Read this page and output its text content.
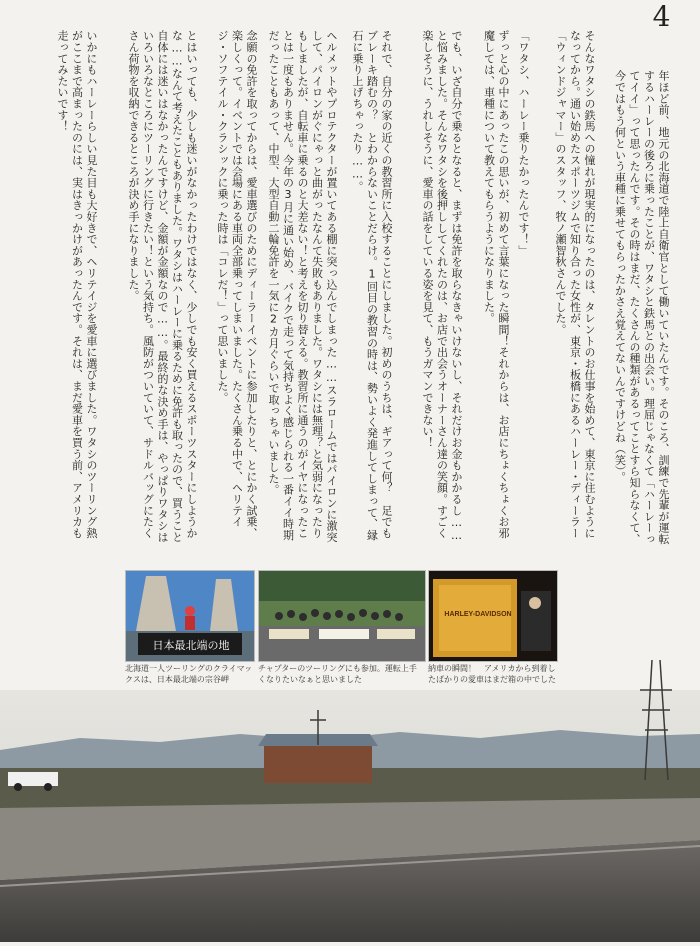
4
年ほど前、地元の北海道で陸上自衛官として働いていたんです。そのころ、訓練で先輩が運転するハーレーの後ろに乗ったことが、ワタシと鉄馬との出会い。理屈じゃなくて「ハーレーってイイ」って思ったんです。その時はまだ、たくさんの種類があるってことすら知らなくて、今ではもう何という車種に乗せてもらったかさえ覚えてないんですけどね（笑）。
そんなワタシの鉄馬への憧れが現実的になったのは、タレントのお仕事を始めて、東京に住むようになってから。通い始めたスポーツジムで知り合った女性が、東京・板橋にあるハーレー・ディーラー「ウィンドジャマー」のスタッフ、牧ノ瀬智秋さんでした。
「ワタシ、ハーレー乗りたかったんです！」
ずっと心の中にあったこの思いが、初めて言葉になった瞬間！それからは、お店にちょくちょくお邪魔しては、車種について教えてもらうようになりました。
でも、いざ自分で乗るとなると、まずは免許を取らなきゃいけないし、それだけお金もかかるし……と悩みました。そんなワタシを後押ししてくれたのは、お店で出会うオーナーさん達の笑顔。すごく楽しそうに、うれしそうに、愛車の話をしている姿を見て、もうガマンできない！
それで、自分の家の近くの教習所に入校することにしました。初めのうちは、ギアって何？　足でもブレーキ踏むの？　とわからないことだらけ。1回目の教習の時は、勢いよく発進してしまって、縁石に乗り上げちゃったり……。
ヘルメットやプロテクターが置いてある棚に突っ込んでしまった……スラロームではパイロンに激突して、パイロンがぐにゃっと曲がったなんて失敗もありました。ワタシには無理？と気弱になったりもしましたが、自転車に乗るのと大差ない！と考えを切り替える。教習所に通うのがイヤになったことは一度もありません。今年の3月に通い始め、バイクで走って気持ちよく感じられる一番イイ時期だったこともあって、中型、大型自動二輪免許を一気に2カ月ぐらいで取っちゃいました。
念願の免許を取ってからは、愛車選びのためにディーラーイベントに参加したりと、とにかく試乗、楽しくって。イベントでは会場にある車両全部乗ってしまいました。たくさん乗る中で、ヘリテイジ・ソフテイル・クラシックに乗った時は「コレだ！」って思いました。
とはいっても、少しも迷いがなかったわけではなく、少しでも安く買えるスポーツスターにしようかな……なんて考えたこともありました。ワタシはハーレーに乗るために免許も取ったので、買うこと自体には迷いはなかったんですけど、金額が金額なので……。最終的な決め手は、やっぱりワタシはいろいろなところにツーリングに行きたい！という気持ち。風防がついていて、サドルバッグにたくさん荷物を収納できるところが決め手になりました。
いかにもハーレーらしい見た目も大好きで、ヘリテイジを愛車に選びました。ワタシのツーリング熱がここまで高まったのには、実はきっかけがあったんです。それは、まだ愛車を買う前、アメリカも走ってみたいです！
日本最北端の地
北海道一人ツーリングのクライマックスは、日本最北端の宗谷岬
チャプターのツーリングにも参加。運転上手くなりたいなぁと思いました
HARLEY-DAVIDSON
納車の瞬間！　アメリカから到着したばかりの愛車はまだ箱の中でした
